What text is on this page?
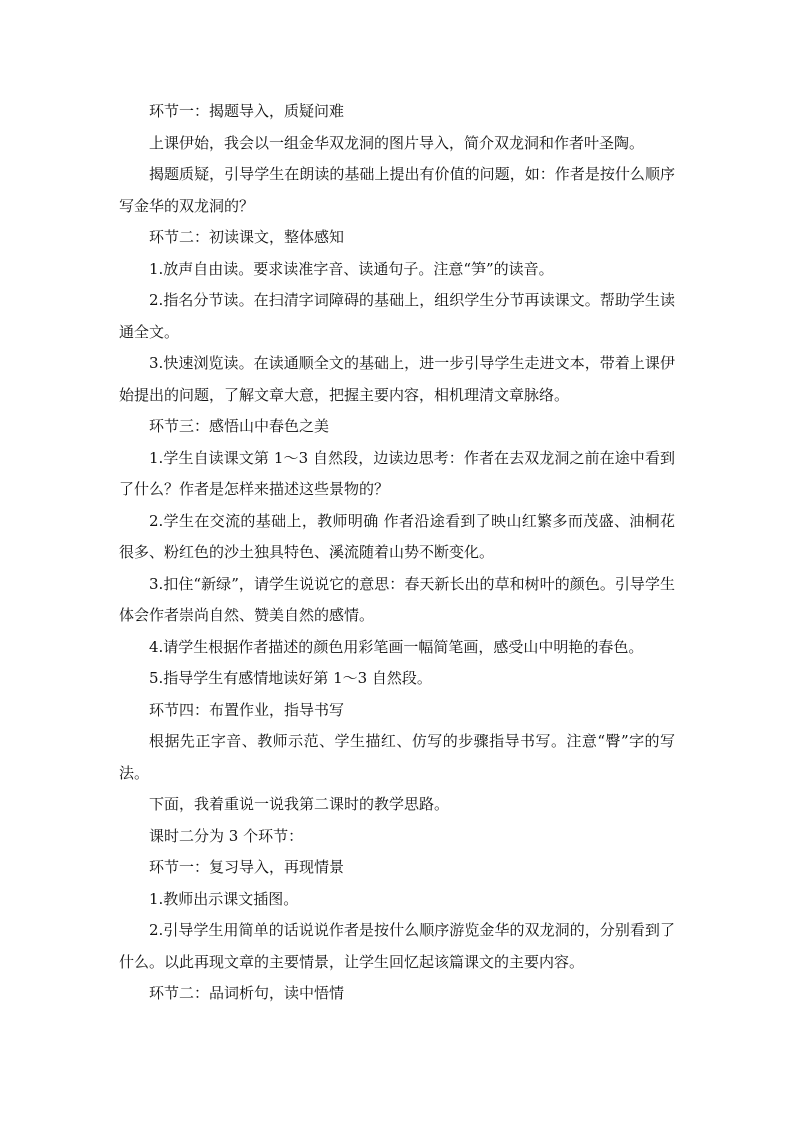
环节一：揭题导入，质疑问难

上课伊始，我会以一组金华双龙洞的图片导入，简介双龙洞和作者叶圣陶。

揭题质疑，引导学生在朗读的基础上提出有价值的问题，如：作者是按什么顺序写金华的双龙洞的？

环节二：初读课文，整体感知

1.放声自由读。要求读准字音、读通句子。注意“笋”的读音。

2.指名分节读。在扫清字词障碍的基础上，组织学生分节再读课文。帮助学生读通全文。

3.快速浏览读。在读通顺全文的基础上，进一步引导学生走进文本，带着上课伊始提出的问题，了解文章大意，把握主要内容，相机理清文章脉络。

环节三：感悟山中春色之美

1.学生自读课文第 1～3 自然段，边读边思考：作者在去双龙洞之前在途中看到了什么？作者是怎样来描述这些景物的？

2.学生在交流的基础上，教师明确 作者沿途看到了映山红繁多而茂盛、油桐花很多、粉红色的沙土独具特色、溪流随着山势不断变化。

3.扣住“新绿”，请学生说说它的意思：春天新长出的草和树叶的颜色。引导学生体会作者崇尚自然、赞美自然的感情。

4.请学生根据作者描述的颜色用彩笔画一幅简笔画，感受山中明艳的春色。

5.指导学生有感情地读好第 1～3 自然段。

环节四：布置作业，指导书写

根据先正字音、教师示范、学生描红、仿写的步骤指导书写。注意“臀”字的写法。

下面，我着重说一说我第二课时的教学思路。

课时二分为 3 个环节：

环节一：复习导入，再现情景

1.教师出示课文插图。

2.引导学生用简单的话说说作者是按什么顺序游览金华的双龙洞的，分别看到了什么。以此再现文章的主要情景，让学生回忆起该篇课文的主要内容。

环节二：品词析句，读中悟情
